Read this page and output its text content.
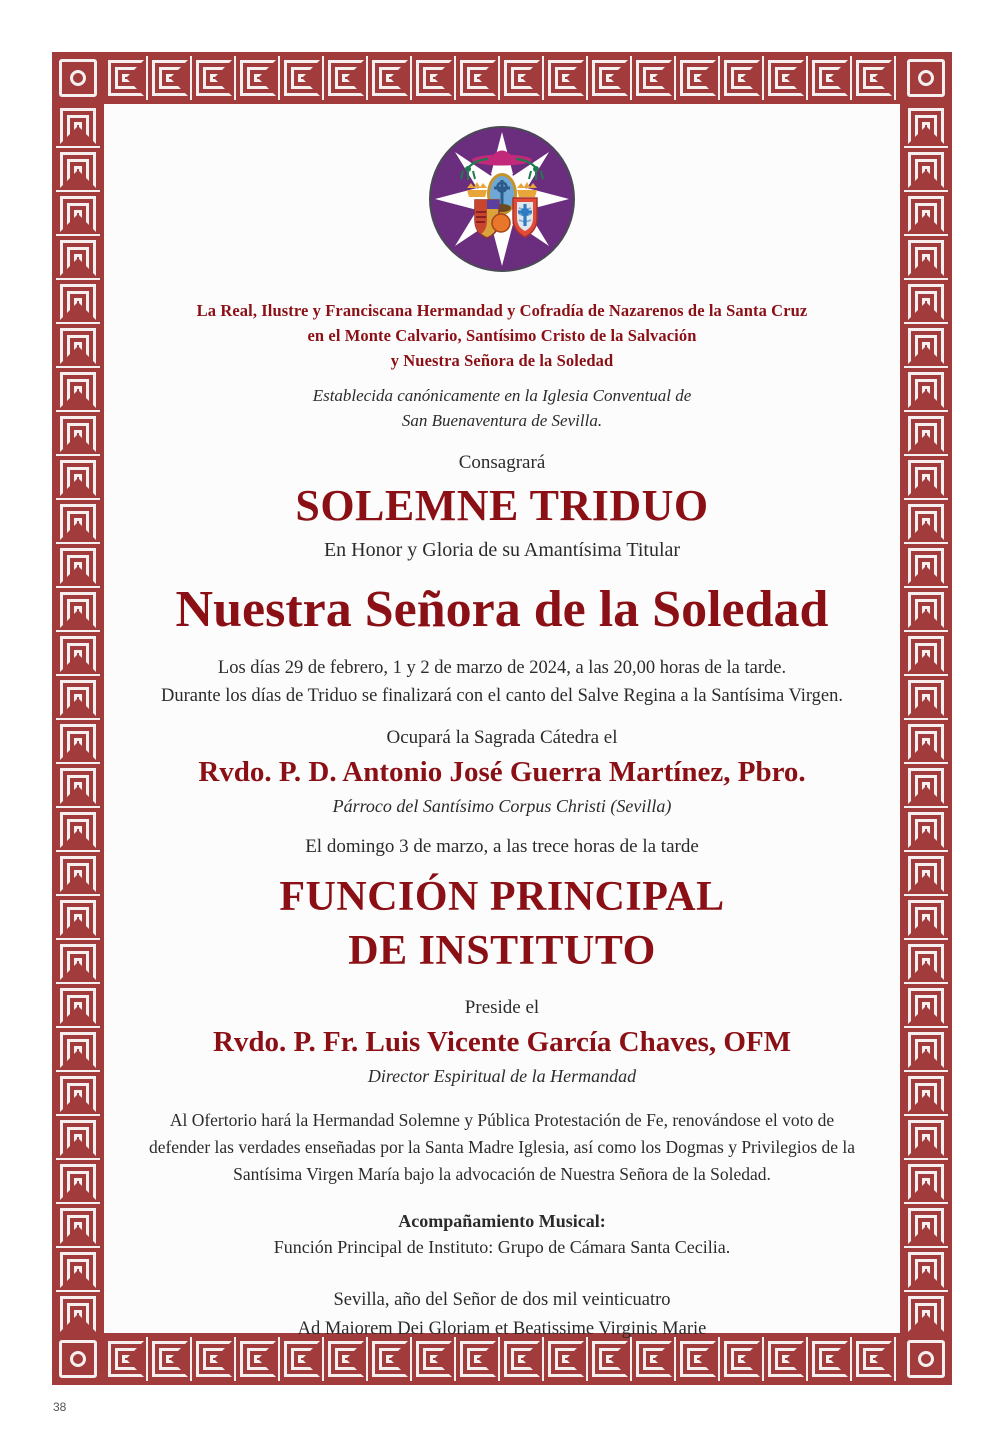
La Real, Ilustre y Franciscana Hermandad y Cofradía de Nazarenos de la Santa Cruz
en el Monte Calvario, Santísimo Cristo de la Salvación
y Nuestra Señora de la Soledad
Establecida canónicamente en la Iglesia Conventual de
San Buenaventura de Sevilla.
Consagrará
SOLEMNE TRIDUO
En Honor y Gloria de su Amantísima Titular
Nuestra Señora de la Soledad
Los días 29 de febrero, 1 y 2 de marzo de 2024, a las 20,00 horas de la tarde.
Durante los días de Triduo se finalizará con el canto del Salve Regina a la Santísima Virgen.
Ocupará la Sagrada Cátedra el
Rvdo. P. D. Antonio José Guerra Martínez, Pbro.
Párroco del Santísimo Corpus Christi (Sevilla)
El domingo 3 de marzo, a las trece horas de la tarde
FUNCIÓN PRINCIPAL
DE INSTITUTO
Preside el
Rvdo. P. Fr. Luis Vicente García Chaves, OFM
Director Espiritual de la Hermandad
Al Ofertorio hará la Hermandad Solemne y Pública Protestación de Fe, renovándose el voto de
defender las verdades enseñadas por la Santa Madre Iglesia, así como los Dogmas y Privilegios de la
Santísima Virgen María bajo la advocación de Nuestra Señora de la Soledad.
Acompañamiento Musical:
Función Principal de Instituto: Grupo de Cámara Santa Cecilia.
Sevilla, año del Señor de dos mil veinticuatro
Ad Maiorem Dei Gloriam et Beatissime Virginis Marie
38
